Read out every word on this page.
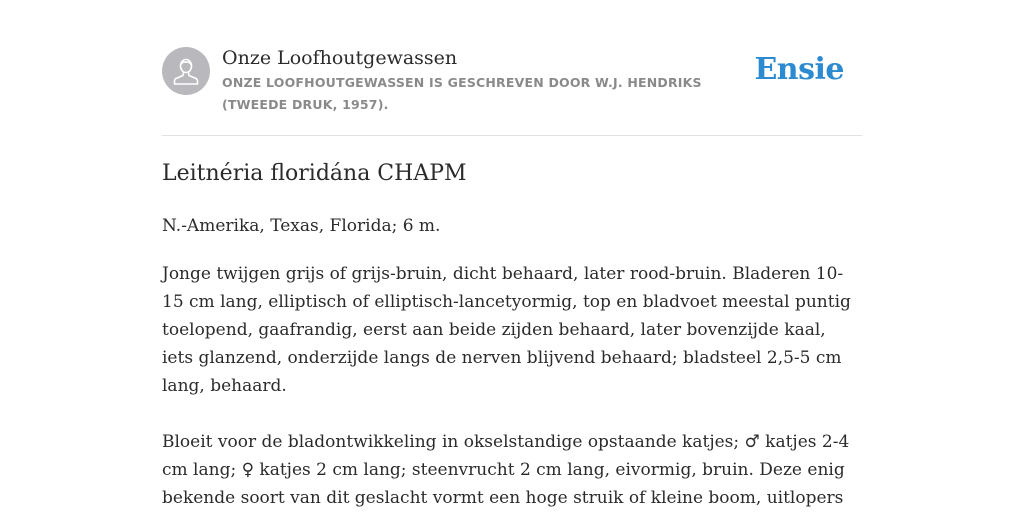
Onze Loofhoutgewassen
ONZE LOOFHOUTGEWASSEN IS GESCHREVEN DOOR W.J. HENDRIKS (TWEEDE DRUK, 1957).
Ensie
Leitnéria floridána CHAPM

N.-Amerika, Texas, Florida; 6 m.

Jonge twijgen grijs of grijs-bruin, dicht behaard, later rood-bruin. Bladeren 10-15 cm lang, elliptisch of elliptisch-lancetyormig, top en bladvoet meestal puntig toelopend, gaafrandig, eerst aan beide zijden behaard, later bovenzijde kaal, iets glanzend, onderzijde langs de nerven blijvend behaard; bladsteel 2,5-5 cm lang, behaard.

Bloeit voor de bladontwikkeling in okselstandige opstaande katjes; ♂ katjes 2-4 cm lang; ♀ katjes 2 cm lang; steenvrucht 2 cm lang, eivormig, bruin. Deze enig bekende soort van dit geslacht vormt een hoge struik of kleine boom, uitlopers
